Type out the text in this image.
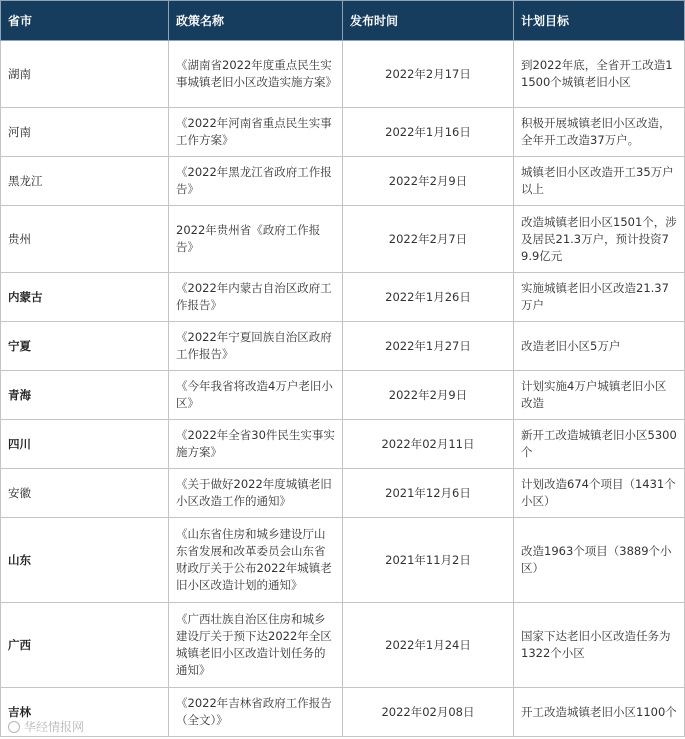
省市	政策名称	发布时间	计划目标
湖南	《湖南省2022年度重点民生实事城镇老旧小区改造实施方案》	2022年2月17日	到2022年底，全省开工改造11500个城镇老旧小区
河南	《2022年河南省重点民生实事工作方案》	2022年1月16日	积极开展城镇老旧小区改造，全年开工改造37万户。
黑龙江	《2022年黑龙江省政府工作报告》	2022年2月9日	城镇老旧小区改造开工35万户以上
贵州	2022年贵州省《政府工作报告》	2022年2月7日	改造城镇老旧小区1501个，涉及居民21.3万户，预计投资79.9亿元
内蒙古	《2022年内蒙古自治区政府工作报告》	2022年1月26日	实施城镇老旧小区改造21.37万户
宁夏	《2022年宁夏回族自治区政府工作报告》	2022年1月27日	改造老旧小区5万户
青海	《今年我省将改造4万户老旧小区》	2022年2月9日	计划实施4万户城镇老旧小区改造
四川	《2022年全省30件民生实事实施方案》	2022年02月11日	新开工改造城镇老旧小区5300个
安徽	《关于做好2022年度城镇老旧小区改造工作的通知》	2021年12月6日	计划改造674个项目（1431个小区）
山东	《山东省住房和城乡建设厅山东省发展和改革委员会山东省财政厅关于公布2022年城镇老旧小区改造计划的通知》	2021年11月2日	改造1963个项目（3889个小区）
广西	《广西壮族自治区住房和城乡建设厅关于预下达2022年全区城镇老旧小区改造计划任务的通知》	2022年1月24日	国家下达老旧小区改造任务为1322个小区
吉林	《2022年吉林省政府工作报告（全文）》	2022年02月08日	开工改造城镇老旧小区1100个
华经情报网
